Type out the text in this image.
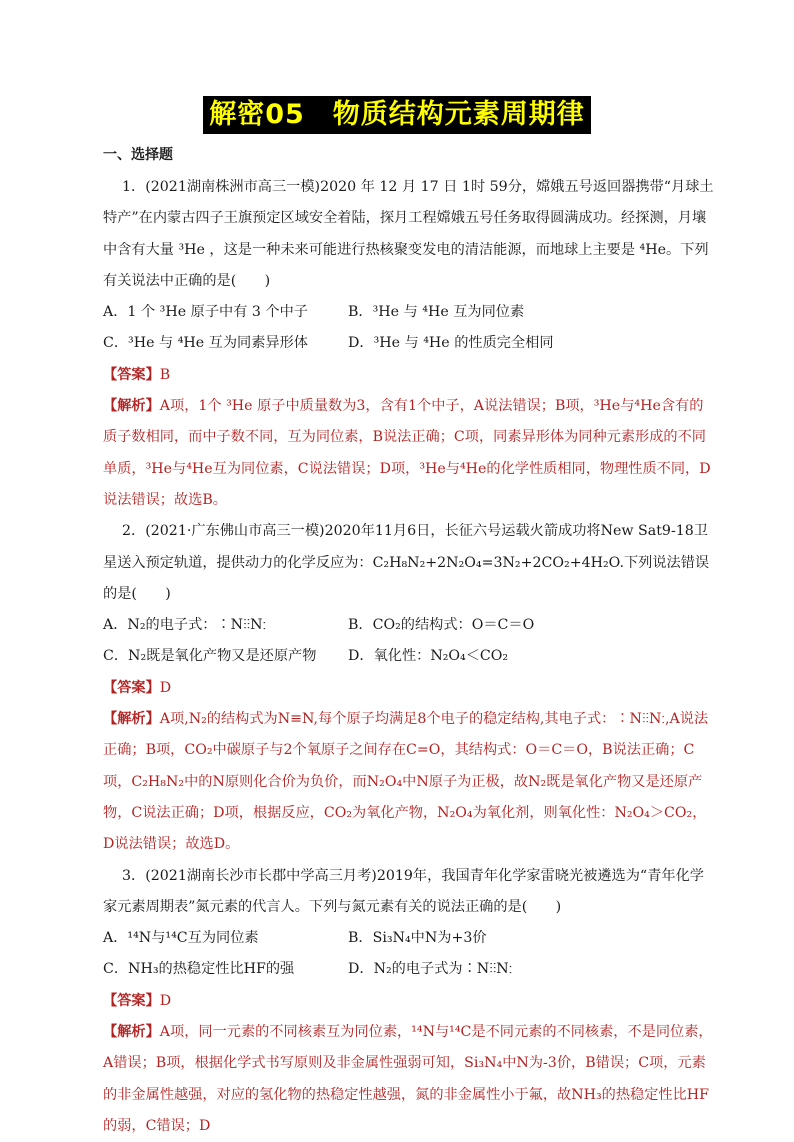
解密05　物质结构元素周期律
一、选择题

1．(2021湖南株洲市高三一模)2020 年 12 月 17 日 1时 59分，嫦娥五号返回器携带“月球土特产”在内蒙古四子王旗预定区域安全着陆，探月工程嫦娥五号任务取得圆满成功。经探测，月壤中含有大量 ³He ，这是一种未来可能进行热核聚变发电的清洁能源，而地球上主要是 ⁴He。下列有关说法中正确的是(　　)

A．1 个 ³He 原子中有 3 个中子	B．³He 与 ⁴He 互为同位素
C．³He 与 ⁴He 互为同素异形体	D．³He 与 ⁴He 的性质完全相同

【答案】B

【解析】A项，1个 ³He 原子中质量数为3，含有1个中子，A说法错误；B项，³He与⁴He含有的质子数相同，而中子数不同，互为同位素，B说法正确；C项，同素异形体为同种元素形成的不同单质，³He与⁴He互为同位素，C说法错误；D项，³He与⁴He的化学性质相同，物理性质不同，D说法错误；故选B。

2．(2021·广东佛山市高三一模)2020年11月6日，长征六号运载火箭成功将New Sat9-18卫星送入预定轨道，提供动力的化学反应为：C₂H₈N₂+2N₂O₄=3N₂+2CO₂+4H₂O.下列说法错误的是(　　)

A．N₂的电子式：∶N⫶⫶N∶	B．CO₂的结构式：O＝C＝O
C．N₂既是氧化产物又是还原产物 D．氧化性：N₂O₄＜CO₂

【答案】D

【解析】A项,N₂的结构式为N≡N,每个原子均满足8个电子的稳定结构,其电子式：∶N⫶⫶N∶,A说法正确；B项，CO₂中碳原子与2个氧原子之间存在C=O，其结构式：O＝C＝O，B说法正确；C项，C₂H₈N₂中的N原则化合价为负价，而N₂O₄中N原子为正极，故N₂既是氧化产物又是还原产物，C说法正确；D项，根据反应，CO₂为氧化产物，N₂O₄为氧化剂，则氧化性：N₂O₄＞CO₂，D说法错误；故选D。

3．(2021湖南长沙市长郡中学高三月考)2019年，我国青年化学家雷晓光被遴选为“青年化学家元素周期表”氮元素的代言人。下列与氮元素有关的说法正确的是(　　)

A．¹⁴N与¹⁴C互为同位素	B．Si₃N₄中N为+3价
C．NH₃的热稳定性比HF的强	D．N₂的电子式为∶N⫶⫶N∶

【答案】D

【解析】A项，同一元素的不同核素互为同位素，¹⁴N与¹⁴C是不同元素的不同核素，不是同位素，A错误；B项，根据化学式书写原则及非金属性强弱可知，Si₃N₄中N为-3价，B错误；C项，元素的非金属性越强，对应的氢化物的热稳定性越强，氮的非金属性小于氟，故NH₃的热稳定性比HF的弱，C错误；D
